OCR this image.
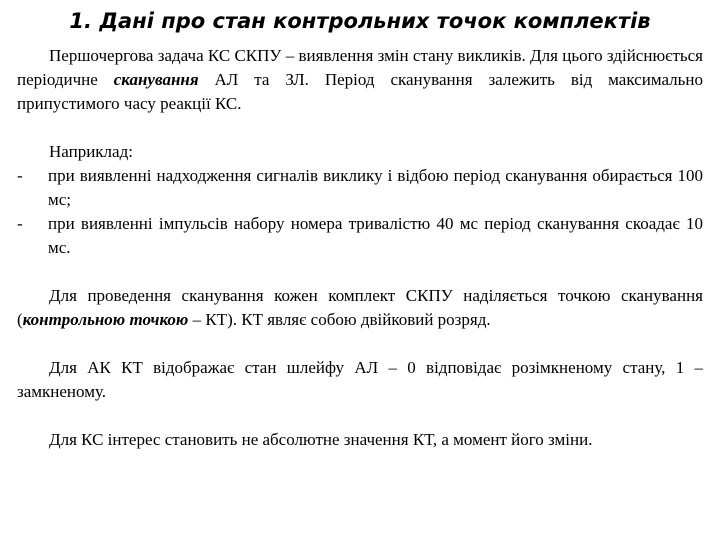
1. Дані про стан контрольних точок комплектів

Першочергова задача КС СКПУ – виявлення змін стану викликів. Для цього здійснюється періодичне сканування АЛ та ЗЛ. Період сканування залежить від максимально припустимого часу реакції КС.

Наприклад:

- при виявленні надходження сигналів виклику і відбою період сканування обирається 100 мс;
- при виявленні імпульсів набору номера тривалістю 40 мс період сканування скоадає 10 мс.

Для проведення сканування кожен комплект СКПУ наділяється точкою сканування (контрольною точкою – КТ). КТ являє собою двійковий розряд.

Для АК КТ відображає стан шлейфу АЛ – 0 відповідає розімкненому стану, 1 – замкненому.

Для КС інтерес становить не абсолютне значення КТ, а момент його зміни.
